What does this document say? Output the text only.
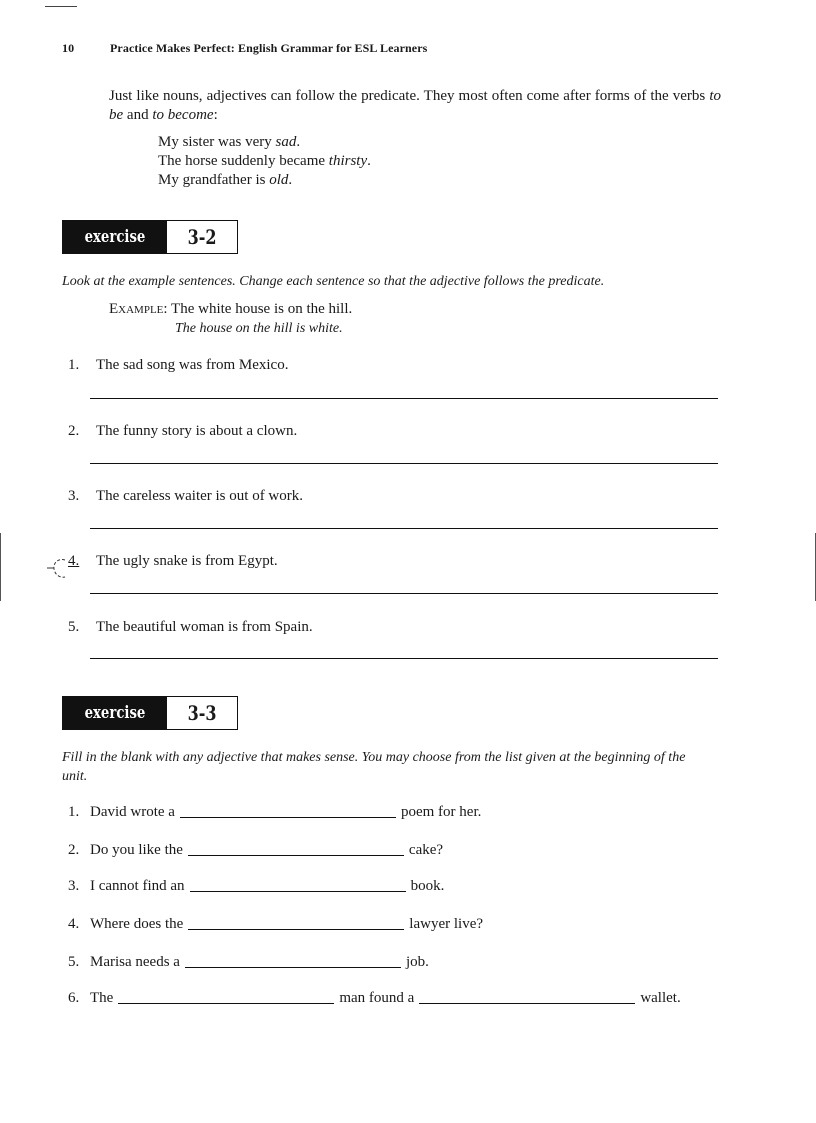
10	Practice Makes Perfect: English Grammar for ESL Learners
Just like nouns, adjectives can follow the predicate. They most often come after forms of the verbs to be and to become:
My sister was very sad.
The horse suddenly became thirsty.
My grandfather is old.
exercise 3-2
Look at the example sentences. Change each sentence so that the adjective follows the predicate.
Example: The white house is on the hill.
The house on the hill is white.
1. The sad song was from Mexico.
2. The funny story is about a clown.
3. The careless waiter is out of work.
4. The ugly snake is from Egypt.
5. The beautiful woman is from Spain.
exercise 3-3
Fill in the blank with any adjective that makes sense. You may choose from the list given at the beginning of the unit.
1. David wrote a	poem for her.
2. Do you like the	cake?
3. I cannot find an	book.
4. Where does the	lawyer live?
5. Marisa needs a	job.
6. The	man found a	wallet.
